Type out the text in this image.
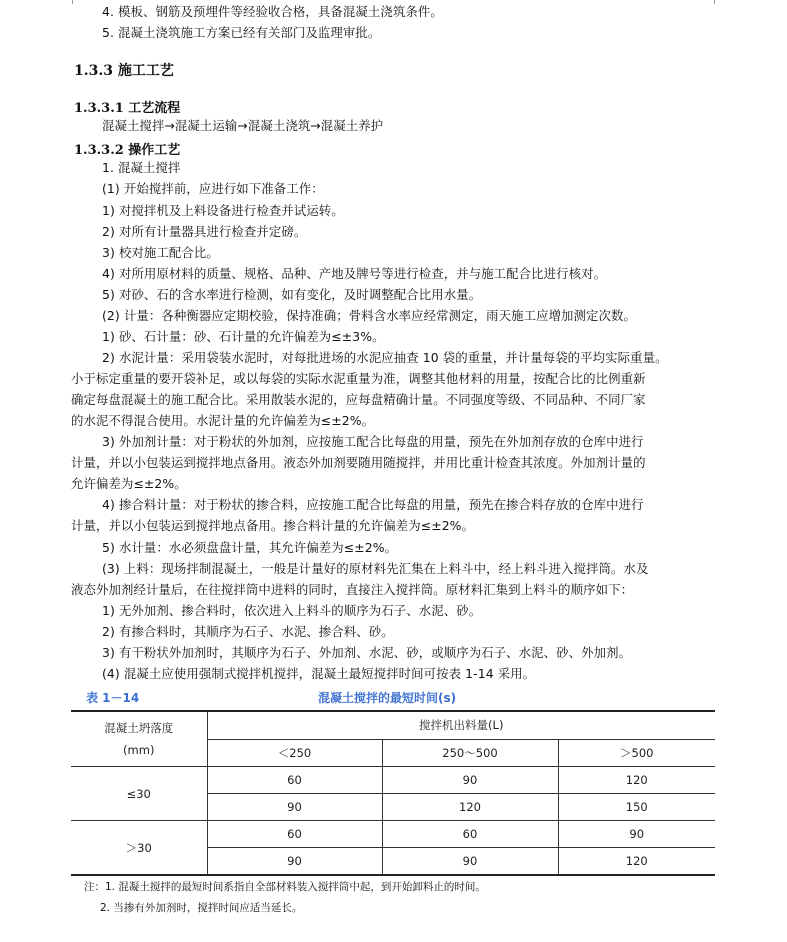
4. 模板、钢筋及预埋件等经验收合格，具备混凝土浇筑条件。
5. 混凝土浇筑施工方案已经有关部门及监理审批。
1.3.3 施工工艺
1.3.3.1 工艺流程
混凝土搅拌→混凝土运输→混凝土浇筑→混凝土养护
1.3.3.2 操作工艺
1. 混凝土搅拌
(1) 开始搅拌前，应进行如下准备工作：
1) 对搅拌机及上料设备进行检查并试运转。
2) 对所有计量器具进行检查并定磅。
3) 校对施工配合比。
4) 对所用原材料的质量、规格、品种、产地及牌号等进行检查，并与施工配合比进行核对。
5) 对砂、石的含水率进行检测，如有变化，及时调整配合比用水量。
(2) 计量：各种衡器应定期校验，保持准确；骨料含水率应经常测定，雨天施工应增加测定次数。
1) 砂、石计量：砂、石计量的允许偏差为≤±3%。
2) 水泥计量：采用袋装水泥时，对每批进场的水泥应抽查 10 袋的重量，并计量每袋的平均实际重量。
小于标定重量的要开袋补足，或以每袋的实际水泥重量为准，调整其他材料的用量，按配合比的比例重新
确定每盘混凝土的施工配合比。采用散装水泥的，应每盘精确计量。不同强度等级、不同品种、不同厂家
的水泥不得混合使用。水泥计量的允许偏差为≤±2%。
3) 外加剂计量：对于粉状的外加剂，应按施工配合比每盘的用量，预先在外加剂存放的仓库中进行
计量，并以小包装运到搅拌地点备用。液态外加剂要随用随搅拌，并用比重计检查其浓度。外加剂计量的
允许偏差为≤±2%。
4) 掺合料计量：对于粉状的掺合料，应按施工配合比每盘的用量，预先在掺合料存放的仓库中进行
计量，并以小包装运到搅拌地点备用。掺合料计量的允许偏差为≤±2%。
5) 水计量：水必须盘盘计量，其允许偏差为≤±2%。
(3) 上料：现场拌制混凝土，一般是计量好的原材料先汇集在上料斗中，经上料斗进入搅拌筒。水及
液态外加剂经计量后，在往搅拌筒中进料的同时，直接注入搅拌筒。原材料汇集到上料斗的顺序如下：
1) 无外加剂、掺合料时，依次进入上料斗的顺序为石子、水泥、砂。
2) 有掺合料时，其顺序为石子、水泥、掺合料、砂。
3) 有干粉状外加剂时，其顺序为石子、外加剂、水泥、砂，或顺序为石子、水泥、砂、外加剂。
(4) 混凝土应使用强制式搅拌机搅拌，混凝土最短搅拌时间可按表 1-14 采用。
表 1－14	混凝土搅拌的最短时间(s)
混凝土坍落度
(mm)	搅拌机出料量(L)		
	＜250	250～500	＞500
≤30	60	90	120
	90	120	150
＞30	60	60	90
	90	90	120
注：1. 混凝土搅拌的最短时间系指自全部材料装入搅拌筒中起，到开始卸料止的时间。
2. 当掺有外加剂时，搅拌时间应适当延长。
